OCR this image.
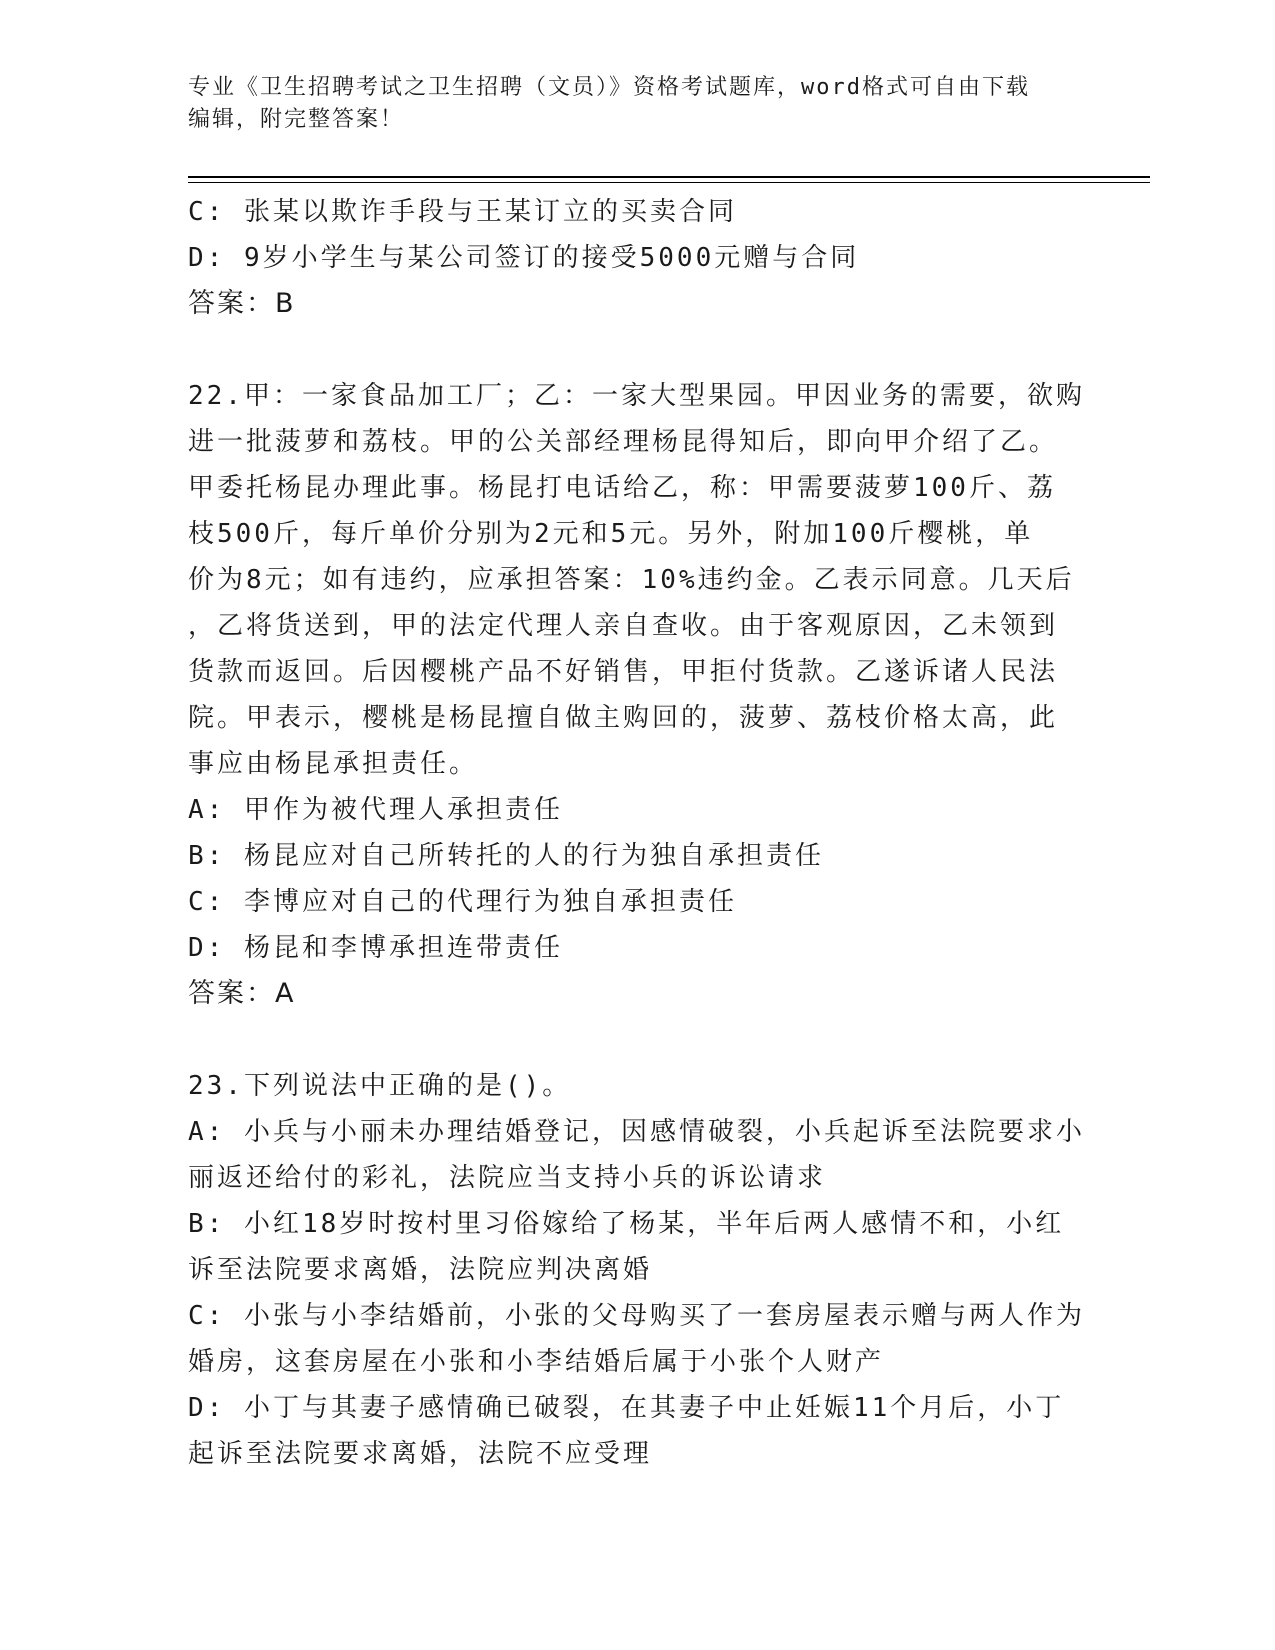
专业《卫生招聘考试之卫生招聘（文员）》资格考试题库，word格式可自由下载
编辑，附完整答案！
C: 张某以欺诈手段与王某订立的买卖合同
D: 9岁小学生与某公司签订的接受5000元赠与合同
答案：B
22.甲：一家食品加工厂；乙：一家大型果园。甲因业务的需要，欲购
进一批菠萝和荔枝。甲的公关部经理杨昆得知后，即向甲介绍了乙。
甲委托杨昆办理此事。杨昆打电话给乙，称：甲需要菠萝100斤、荔
枝500斤，每斤单价分别为2元和5元。另外，附加100斤樱桃，单
价为8元；如有违约，应承担答案：10%违约金。乙表示同意。几天后
，乙将货送到，甲的法定代理人亲自查收。由于客观原因，乙未领到
货款而返回。后因樱桃产品不好销售，甲拒付货款。乙遂诉诸人民法
院。甲表示，樱桃是杨昆擅自做主购回的，菠萝、荔枝价格太高，此
事应由杨昆承担责任。
A: 甲作为被代理人承担责任
B: 杨昆应对自己所转托的人的行为独自承担责任
C: 李博应对自己的代理行为独自承担责任
D: 杨昆和李博承担连带责任
答案：A
23.下列说法中正确的是()。
A: 小兵与小丽未办理结婚登记，因感情破裂，小兵起诉至法院要求小
丽返还给付的彩礼，法院应当支持小兵的诉讼请求
B: 小红18岁时按村里习俗嫁给了杨某，半年后两人感情不和，小红
诉至法院要求离婚，法院应判决离婚
C: 小张与小李结婚前，小张的父母购买了一套房屋表示赠与两人作为
婚房，这套房屋在小张和小李结婚后属于小张个人财产
D: 小丁与其妻子感情确已破裂，在其妻子中止妊娠11个月后，小丁
起诉至法院要求离婚，法院不应受理
